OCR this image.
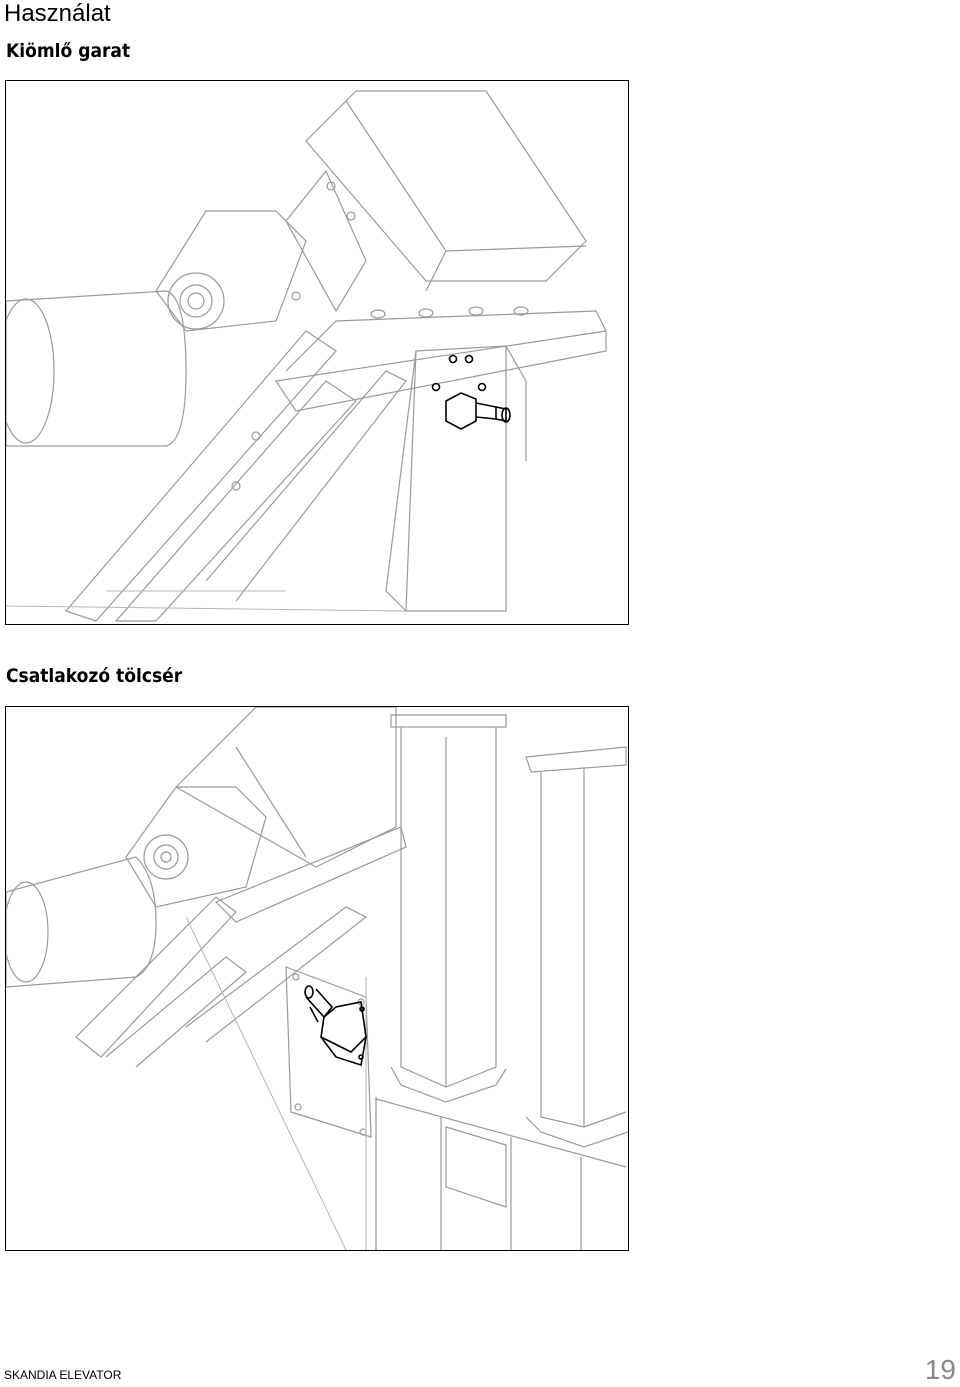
Használat
Kiömlő garat
Csatlakozó tölcsér
SKANDIA ELEVATOR	19
